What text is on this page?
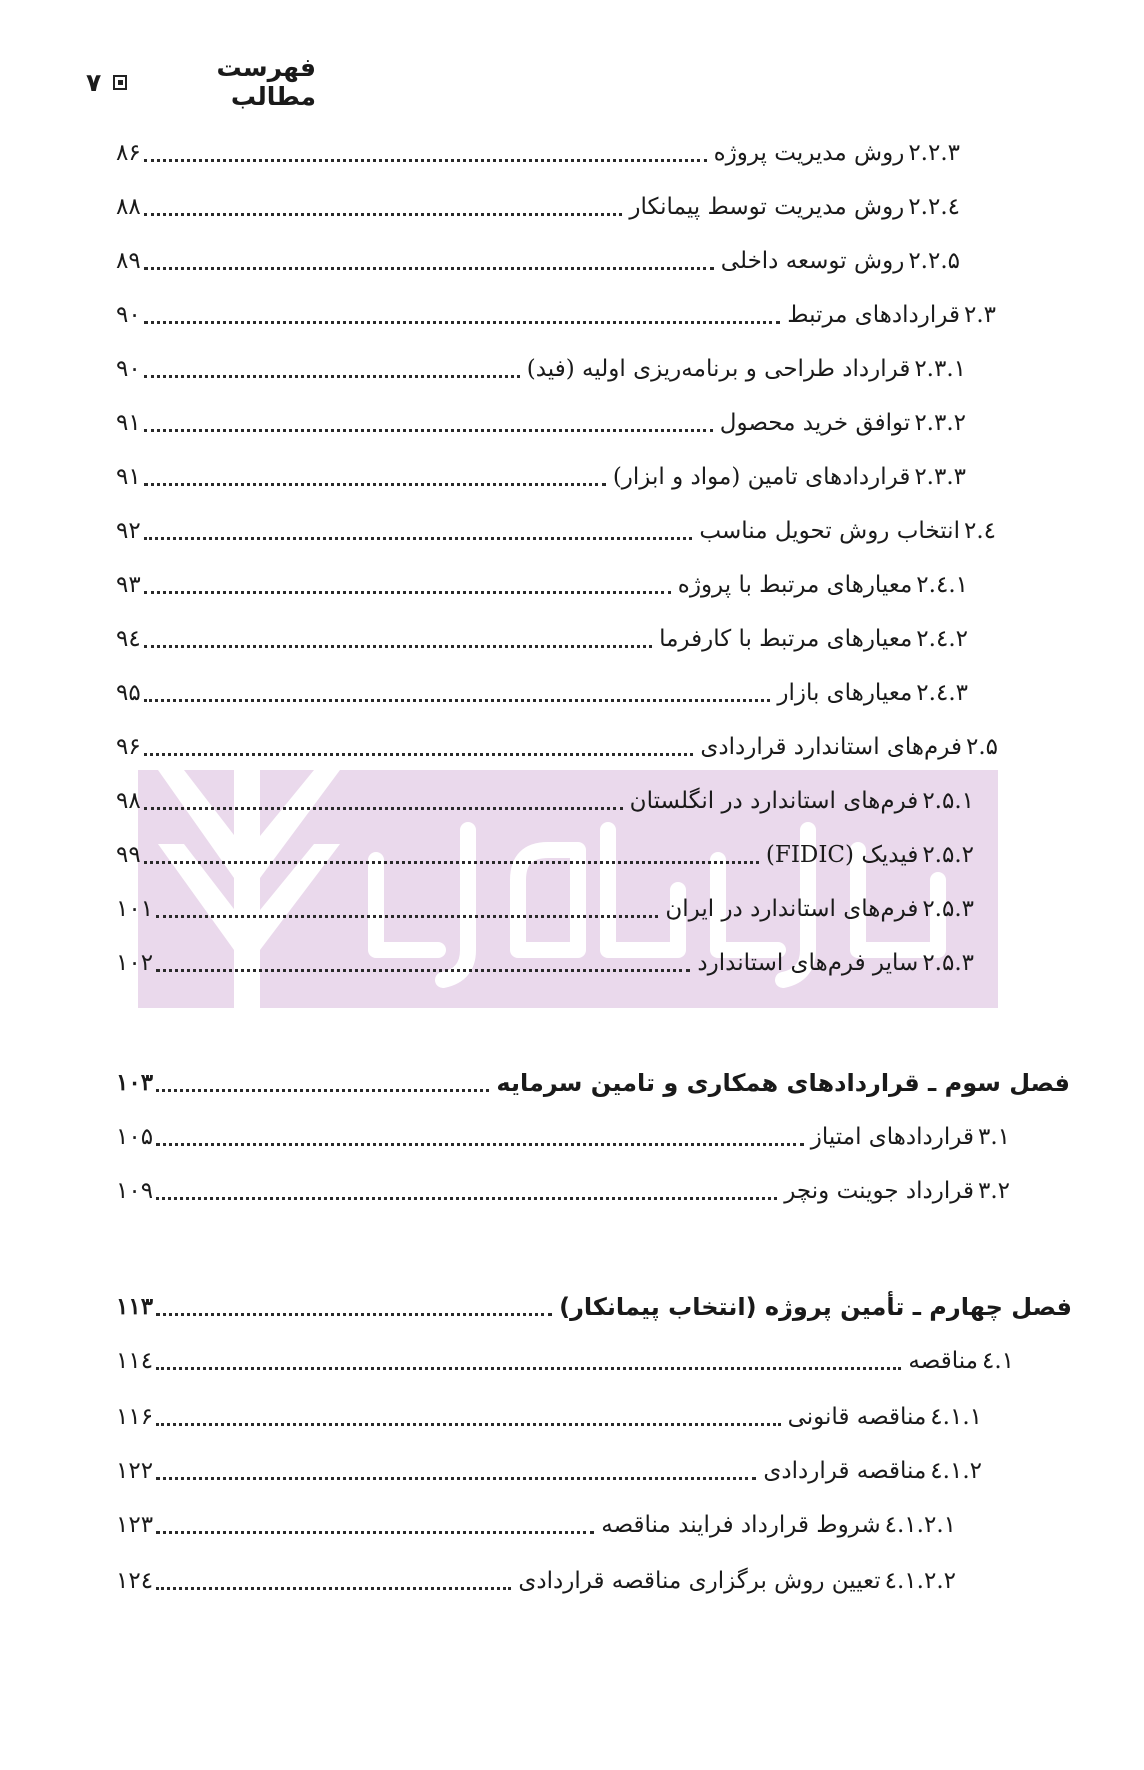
فهرست مطالب
۷
۲.۲.۳
روش مدیریت پروژه
۸۶
۲.۲.٤
روش مدیریت توسط پیمانکار
۸۸
۲.۲.۵
روش توسعه داخلی
۸۹
۲.۳
قراردادهای مرتبط
۹۰
۲.۳.۱
قرارداد طراحی و برنامه‌ریزی اولیه (فید)
۹۰
۲.۳.۲
توافق خرید محصول
۹۱
۲.۳.۳
قراردادهای تامین (مواد و ابزار)
۹۱
۲.٤
انتخاب روش تحویل مناسب
۹۲
۲.٤.۱
معیارهای مرتبط با پروژه
۹۳
۲.٤.۲
معیارهای مرتبط با کارفرما
۹٤
۲.٤.۳
معیارهای بازار
۹۵
۲.۵
فرم‌های استاندارد قراردادی
۹۶
۲.۵.۱
فرم‌های استاندارد در انگلستان
۹۸
۲.۵.۲
فیدیک (FIDIC)
۹۹
۲.۵.۳
فرم‌های استاندارد در ایران
۱۰۱
۲.۵.۳
سایر فرم‌های استاندارد
۱۰۲
فصل سوم ـ قراردادهای همکاری و تامین سرمایه
۱۰۳
۳.۱
قراردادهای امتیاز
۱۰۵
۳.۲
قرارداد جوینت ونچر
۱۰۹
فصل چهارم ـ تأمین پروژه (انتخاب پیمانکار)
۱۱۳
٤.۱
مناقصه
۱۱٤
٤.۱.۱
مناقصه قانونی
۱۱۶
٤.۱.۲
مناقصه قراردادی
۱۲۲
٤.۱.۲.۱
شروط قرارداد فرایند مناقصه
۱۲۳
٤.۱.۲.۲
تعیین روش برگزاری مناقصه قراردادی
۱۲٤
